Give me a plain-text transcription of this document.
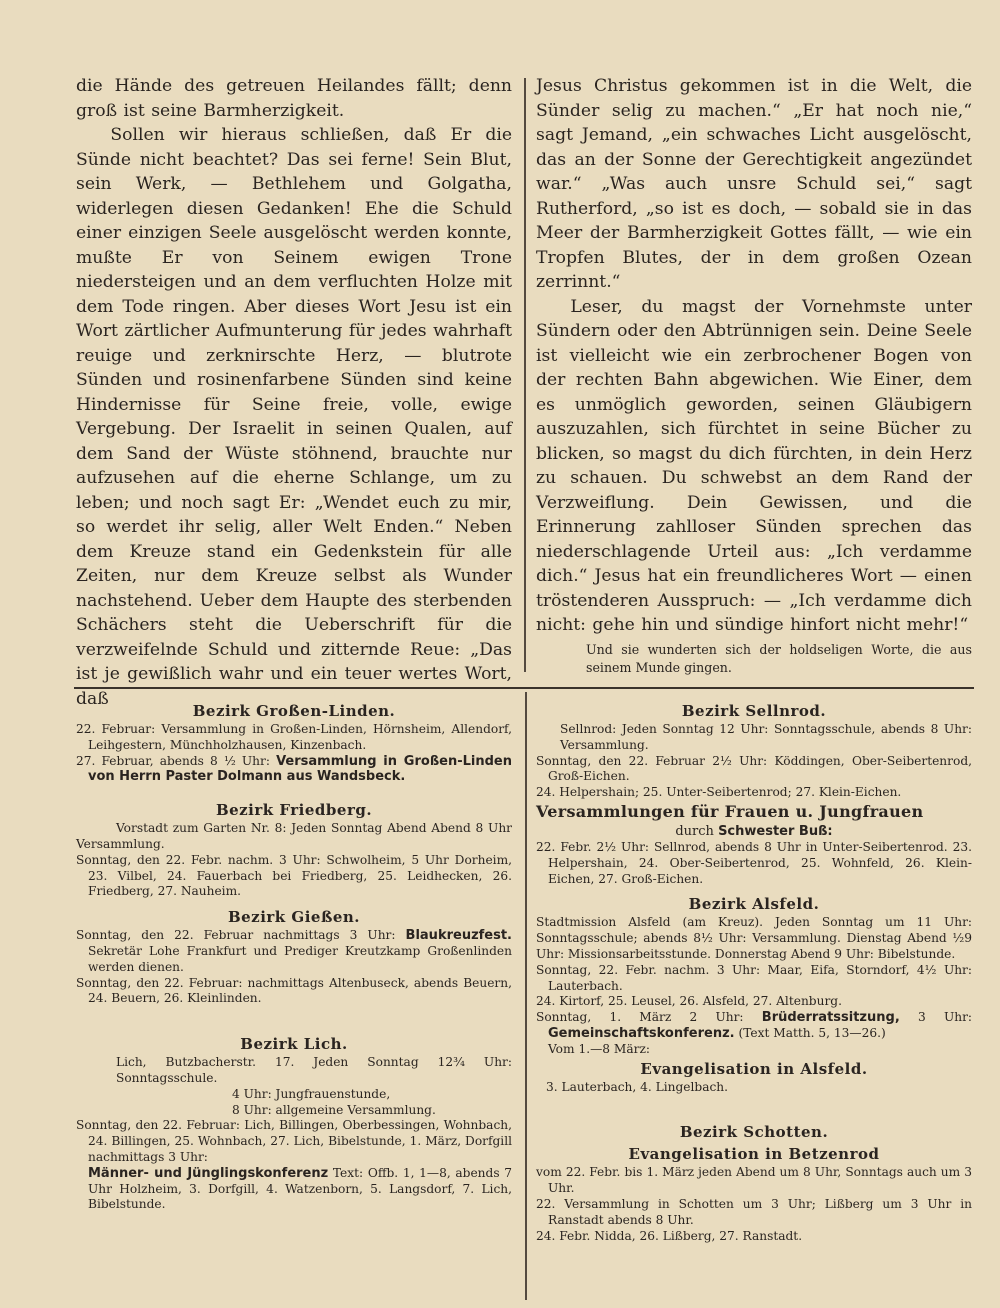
die Hände des getreuen Heilandes fällt; denn groß ist seine Barmherzigkeit.

Sollen wir hieraus schließen, daß Er die Sünde nicht beachtet? Das sei ferne! Sein Blut, sein Werk, — Bethlehem und Golgatha, widerlegen diesen Gedanken! Ehe die Schuld einer einzigen Seele ausgelöscht werden konnte, mußte Er von Seinem ewigen Trone niedersteigen und an dem verfluchten Holze mit dem Tode ringen. Aber dieses Wort Jesu ist ein Wort zärtlicher Aufmunterung für jedes wahrhaft reuige und zerknirschte Herz, — blutrote Sünden und rosinenfarbene Sünden sind keine Hindernisse für Seine freie, volle, ewige Vergebung. Der Israelit in seinen Qualen, auf dem Sand der Wüste stöhnend, brauchte nur aufzusehen auf die eherne Schlange, um zu leben; und noch sagt Er: „Wendet euch zu mir, so werdet ihr selig, aller Welt Enden.“ Neben dem Kreuze stand ein Gedenkstein für alle Zeiten, nur dem Kreuze selbst als Wunder nachstehend. Ueber dem Haupte des sterbenden Schächers steht die Ueberschrift für die verzweifelnde Schuld und zitternde Reue: „Das ist je gewißlich wahr und ein teuer wertes Wort, daß

Jesus Christus gekommen ist in die Welt, die Sünder selig zu machen.“ „Er hat noch nie,“ sagt Jemand, „ein schwaches Licht ausgelöscht, das an der Sonne der Gerechtigkeit angezündet war.“ „Was auch unsre Schuld sei,“ sagt Rutherford, „so ist es doch, — sobald sie in das Meer der Barmherzigkeit Gottes fällt, — wie ein Tropfen Blutes, der in dem großen Ozean zerrinnt.“

Leser, du magst der Vornehmste unter Sündern oder den Abtrünnigen sein. Deine Seele ist vielleicht wie ein zerbrochener Bogen von der rechten Bahn abgewichen. Wie Einer, dem es unmöglich geworden, seinen Gläubigern auszuzahlen, sich fürchtet in seine Bücher zu blicken, so magst du dich fürchten, in dein Herz zu schauen. Du schwebst an dem Rand der Verzweiflung. Dein Gewissen, und die Erinnerung zahlloser Sünden sprechen das niederschlagende Urteil aus: „Ich verdamme dich.“ Jesus hat ein freundlicheres Wort — einen tröstenderen Ausspruch: — „Ich verdamme dich nicht: gehe hin und sündige hinfort nicht mehr!“

Und sie wunderten sich der holdseligen Worte, die aus seinem Munde gingen.

Bezirk Großen-Linden.

22. Februar: Versammlung in Großen-Linden, Hörnsheim, Allendorf, Leihgestern, Münchholzhausen, Kinzenbach.

27. Februar, abends 8 ½ Uhr: Versammlung in Großen-Linden von Herrn Paster Dolmann aus Wandsbeck.

Bezirk Friedberg.

Vorstadt zum Garten Nr. 8: Jeden Sonntag Abend Abend 8 Uhr Versammlung.

Sonntag, den 22. Febr. nachm. 3 Uhr: Schwolheim, 5 Uhr Dorheim, 23. Vilbel, 24. Fauerbach bei Friedberg, 25. Leidhecken, 26. Friedberg, 27. Nauheim.

Bezirk Gießen.

Sonntag, den 22. Februar nachmittags 3 Uhr: Blaukreuzfest. Sekretär Lohe Frankfurt und Prediger Kreutzkamp Großenlinden werden dienen.

Sonntag, den 22. Februar: nachmittags Altenbuseck, abends Beuern, 24. Beuern, 26. Kleinlinden.

Bezirk Lich.

Lich, Butzbacherstr. 17. Jeden Sonntag 12¾ Uhr: Sonntagsschule.

4 Uhr: Jungfrauenstunde,

8 Uhr: allgemeine Versammlung.

Sonntag, den 22. Februar: Lich, Billingen, Oberbessingen, Wohnbach, 24. Billingen, 25. Wohnbach, 27. Lich, Bibelstunde, 1. März, Dorfgill nachmittags 3 Uhr:

Männer- und Jünglingskonferenz Text: Offb. 1, 1—8, abends 7 Uhr Holzheim, 3. Dorfgill, 4. Watzenborn, 5. Langsdorf, 7. Lich, Bibelstunde.

Bezirk Sellnrod.

Sellnrod: Jeden Sonntag 12 Uhr: Sonntagsschule, abends 8 Uhr: Versammlung.

Sonntag, den 22. Februar 2½ Uhr: Köddingen, Ober-Seibertenrod, Groß-Eichen.

24. Helpershain; 25. Unter-Seibertenrod; 27. Klein-Eichen.

Versammlungen für Frauen u. Jungfrauen
durch Schwester Buß:

22. Febr. 2½ Uhr: Sellnrod, abends 8 Uhr in Unter-Seibertenrod. 23. Helpershain, 24. Ober-Seibertenrod, 25. Wohnfeld, 26. Klein-Eichen, 27. Groß-Eichen.

Bezirk Alsfeld.

Stadtmission Alsfeld (am Kreuz). Jeden Sonntag um 11 Uhr: Sonntagsschule; abends 8½ Uhr: Versammlung. Dienstag Abend ½9 Uhr: Missionsarbeitsstunde. Donnerstag Abend 9 Uhr: Bibelstunde.

Sonntag, 22. Febr. nachm. 3 Uhr: Maar, Eifa, Storndorf, 4½ Uhr: Lauterbach.

24. Kirtorf, 25. Leusel, 26. Alsfeld, 27. Altenburg.

Sonntag, 1. März 2 Uhr: Brüderratssitzung, 3 Uhr: Gemeinschaftskonferenz. (Text Matth. 5, 13—26.)

Vom 1.—8 März:

Evangelisation in Alsfeld.

3. Lauterbach, 4. Lingelbach.

Bezirk Schotten.
Evangelisation in Betzenrod

vom 22. Febr. bis 1. März jeden Abend um 8 Uhr, Sonntags auch um 3 Uhr.

22. Versammlung in Schotten um 3 Uhr; Lißberg um 3 Uhr in Ranstadt abends 8 Uhr.

24. Febr. Nidda, 26. Lißberg, 27. Ranstadt.
